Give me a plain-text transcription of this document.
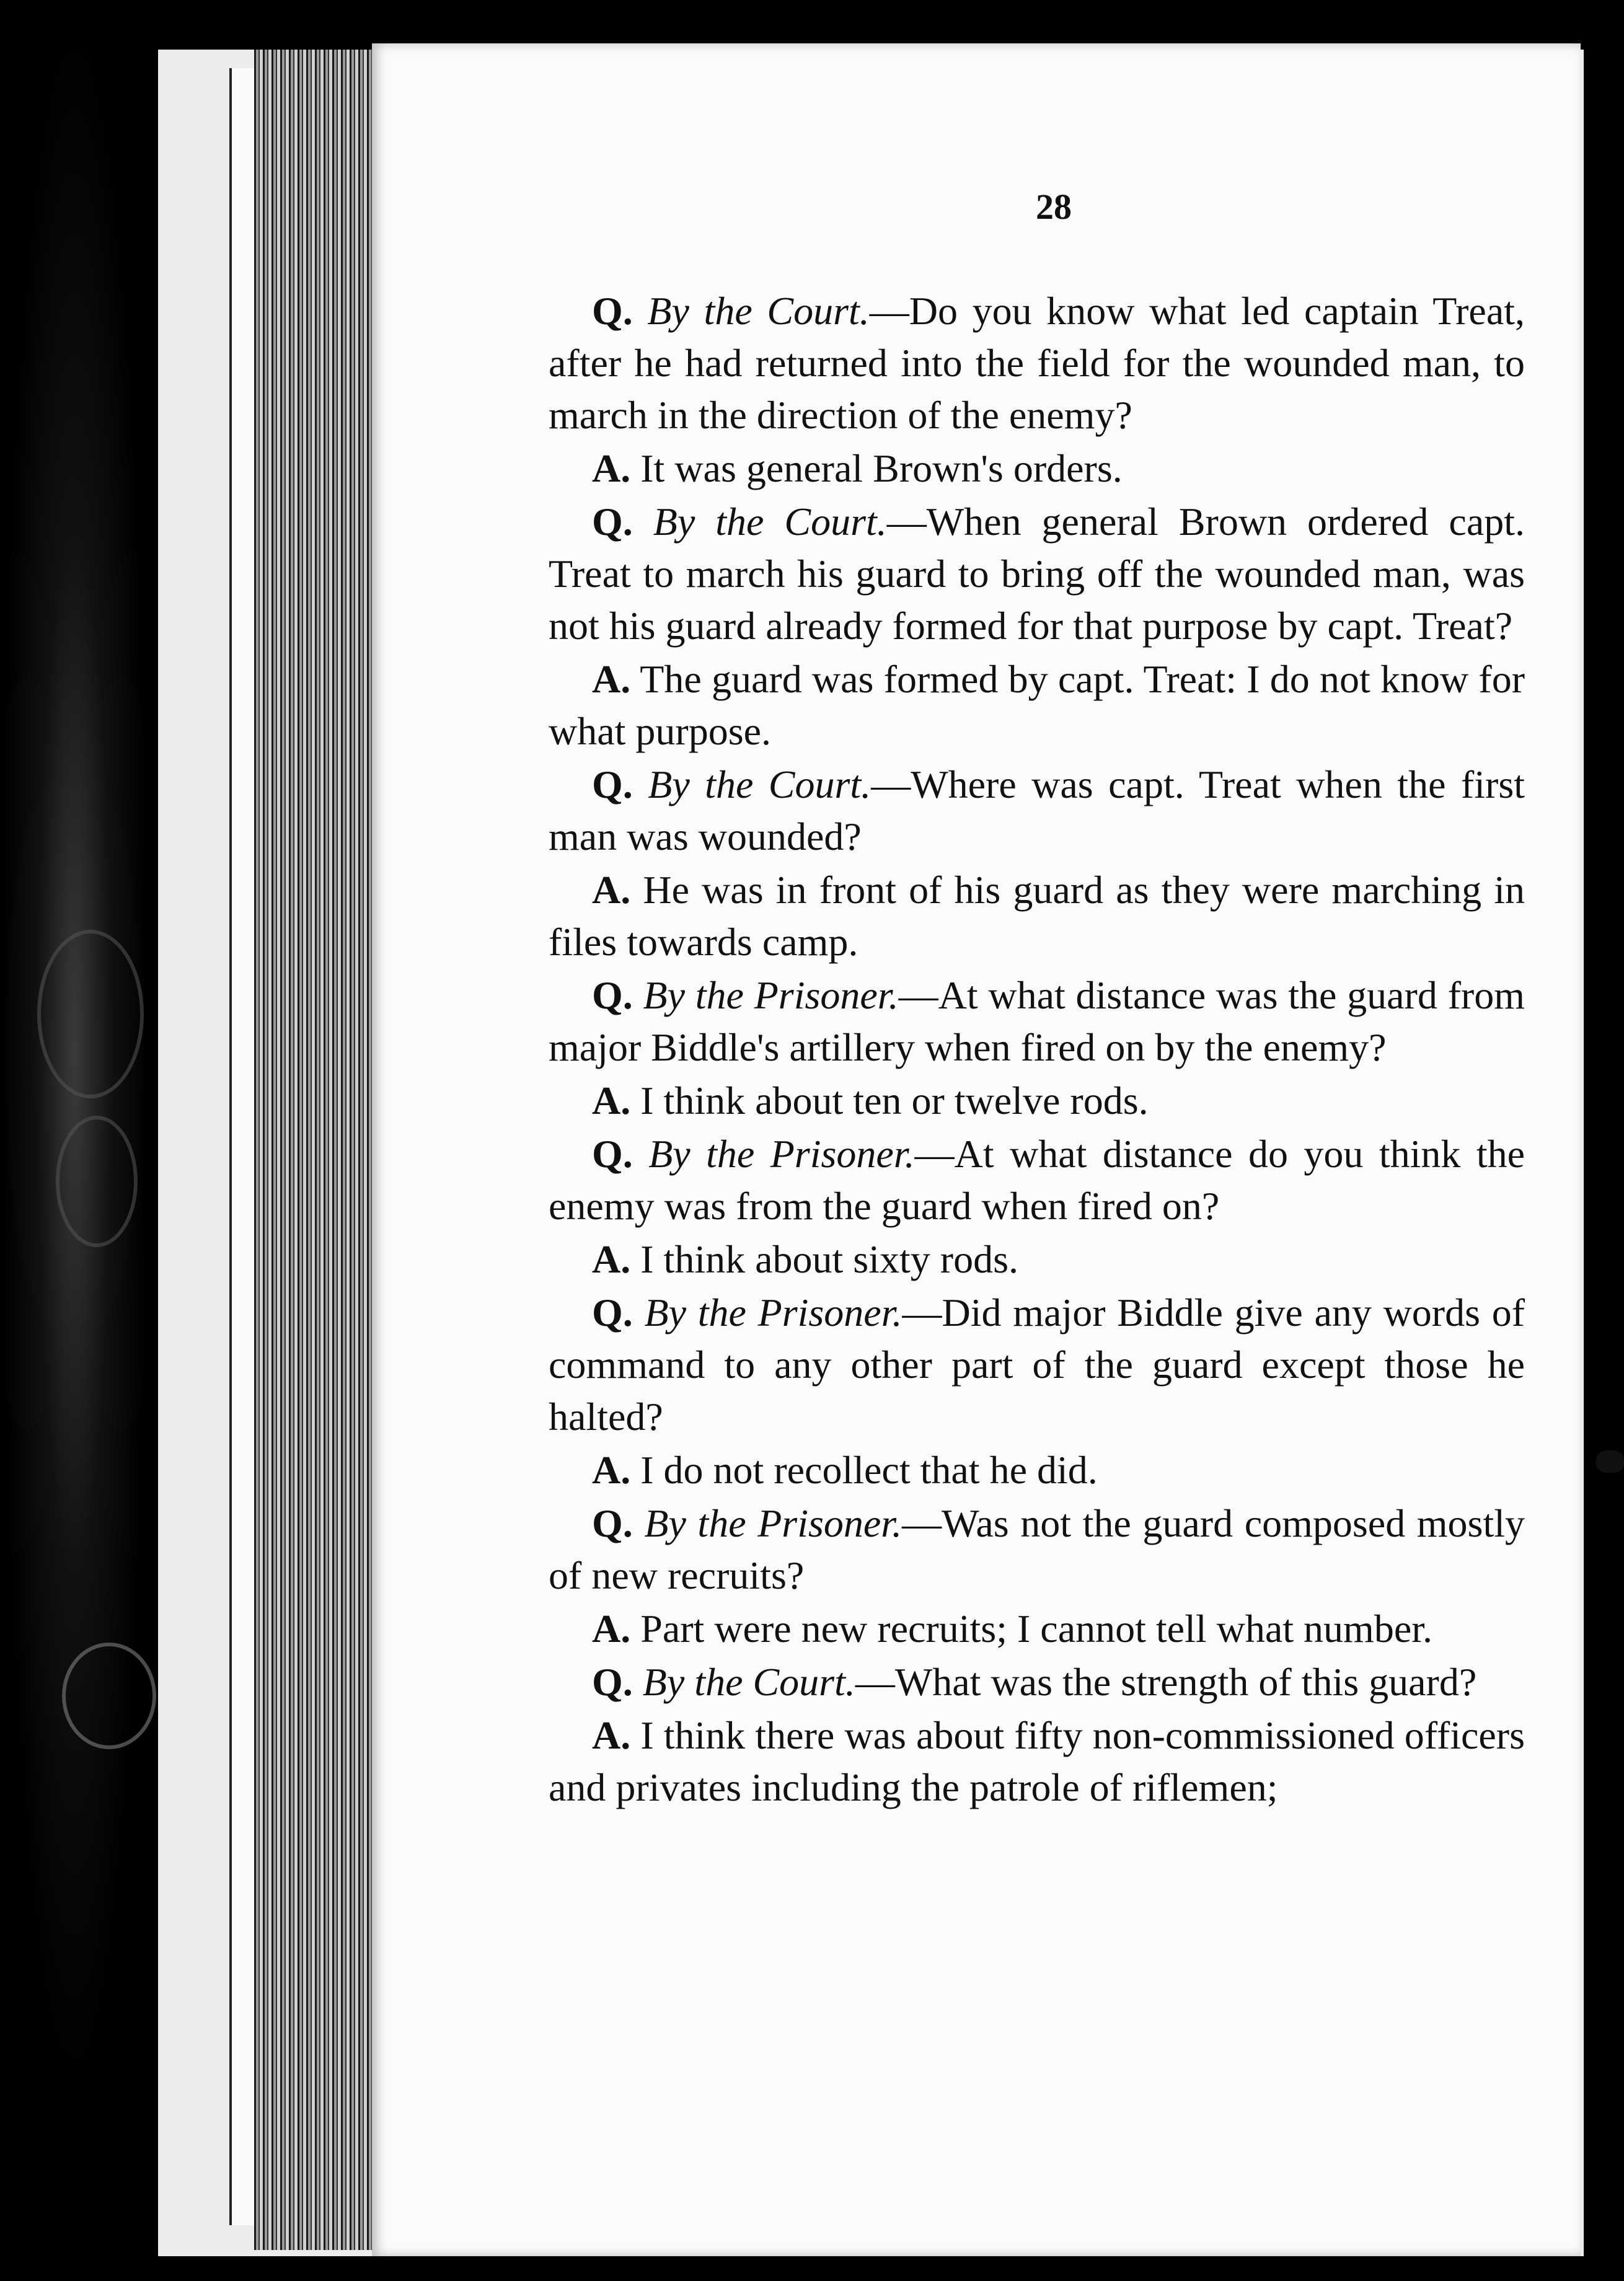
28

Q. By the Court.—Do you know what led captain Treat, after he had returned into the field for the wounded man, to march in the direction of the enemy?

A. It was general Brown's orders.

Q. By the Court.—When general Brown ordered capt. Treat to march his guard to bring off the wounded man, was not his guard already formed for that purpose by capt. Treat?

A. The guard was formed by capt. Treat: I do not know for what purpose.

Q. By the Court.—Where was capt. Treat when the first man was wounded?

A. He was in front of his guard as they were marching in files towards camp.

Q. By the Prisoner.—At what distance was the guard from major Biddle's artillery when fired on by the enemy?

A. I think about ten or twelve rods.

Q. By the Prisoner.—At what distance do you think the enemy was from the guard when fired on?

A. I think about sixty rods.

Q. By the Prisoner.—Did major Biddle give any words of command to any other part of the guard except those he halted?

A. I do not recollect that he did.

Q. By the Prisoner.—Was not the guard composed mostly of new recruits?

A. Part were new recruits; I cannot tell what number.

Q. By the Court.—What was the strength of this guard?

A. I think there was about fifty non-commissioned officers and privates including the patrole of riflemen;
